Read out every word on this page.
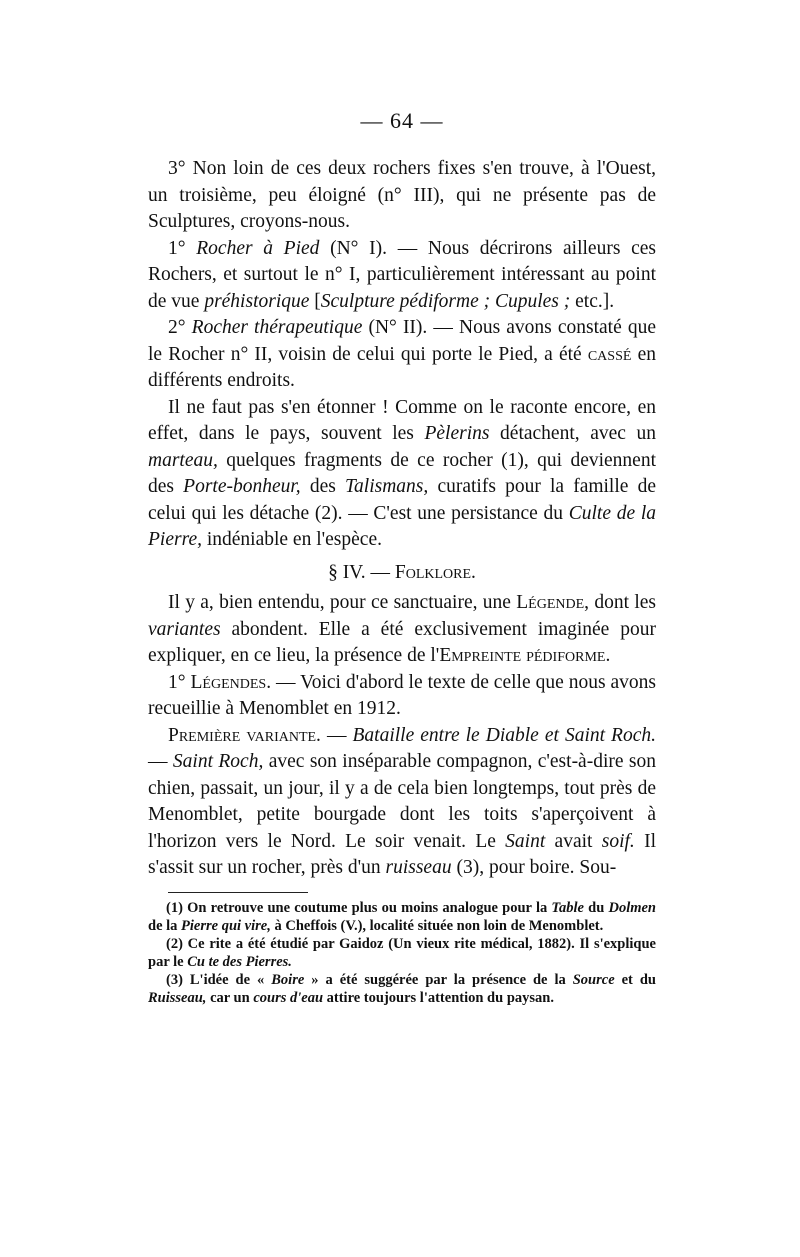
— 64 —

3° Non loin de ces deux rochers fixes s'en trouve, à l'Ouest, un troisième, peu éloigné (n° III), qui ne présente pas de Sculptures, croyons-nous.

1° Rocher à Pied (N° I). — Nous décrirons ailleurs ces Rochers, et surtout le n° I, particulièrement intéressant au point de vue préhistorique [Sculpture pédiforme ; Cupules ; etc.].

2° Rocher thérapeutique (N° II). — Nous avons constaté que le Rocher n° II, voisin de celui qui porte le Pied, a été cassé en différents endroits.

Il ne faut pas s'en étonner ! Comme on le raconte encore, en effet, dans le pays, souvent les Pèlerins détachent, avec un marteau, quelques fragments de ce rocher (1), qui deviennent des Porte-bonheur, des Talismans, curatifs pour la famille de celui qui les détache (2). — C'est une persistance du Culte de la Pierre, indéniable en l'espèce.

§ IV. — Folklore.

Il y a, bien entendu, pour ce sanctuaire, une Légende, dont les variantes abondent. Elle a été exclusivement imaginée pour expliquer, en ce lieu, la présence de l'Empreinte pédiforme.

1° Légendes. — Voici d'abord le texte de celle que nous avons recueillie à Menomblet en 1912.

Première variante. — Bataille entre le Diable et Saint Roch. — Saint Roch, avec son inséparable compagnon, c'est-à-dire son chien, passait, un jour, il y a de cela bien longtemps, tout près de Menomblet, petite bourgade dont les toits s'aperçoivent à l'horizon vers le Nord. Le soir venait. Le Saint avait soif. Il s'assit sur un rocher, près d'un ruisseau (3), pour boire. Sou-

(1) On retrouve une coutume plus ou moins analogue pour la Table du Dolmen de la Pierre qui vire, à Cheffois (V.), localité située non loin de Menomblet.

(2) Ce rite a été étudié par Gaidoz (Un vieux rite médical, 1882). Il s'explique par le Cu te des Pierres.

(3) L'idée de « Boire » a été suggérée par la présence de la Source et du Ruisseau, car un cours d'eau attire toujours l'attention du paysan.
